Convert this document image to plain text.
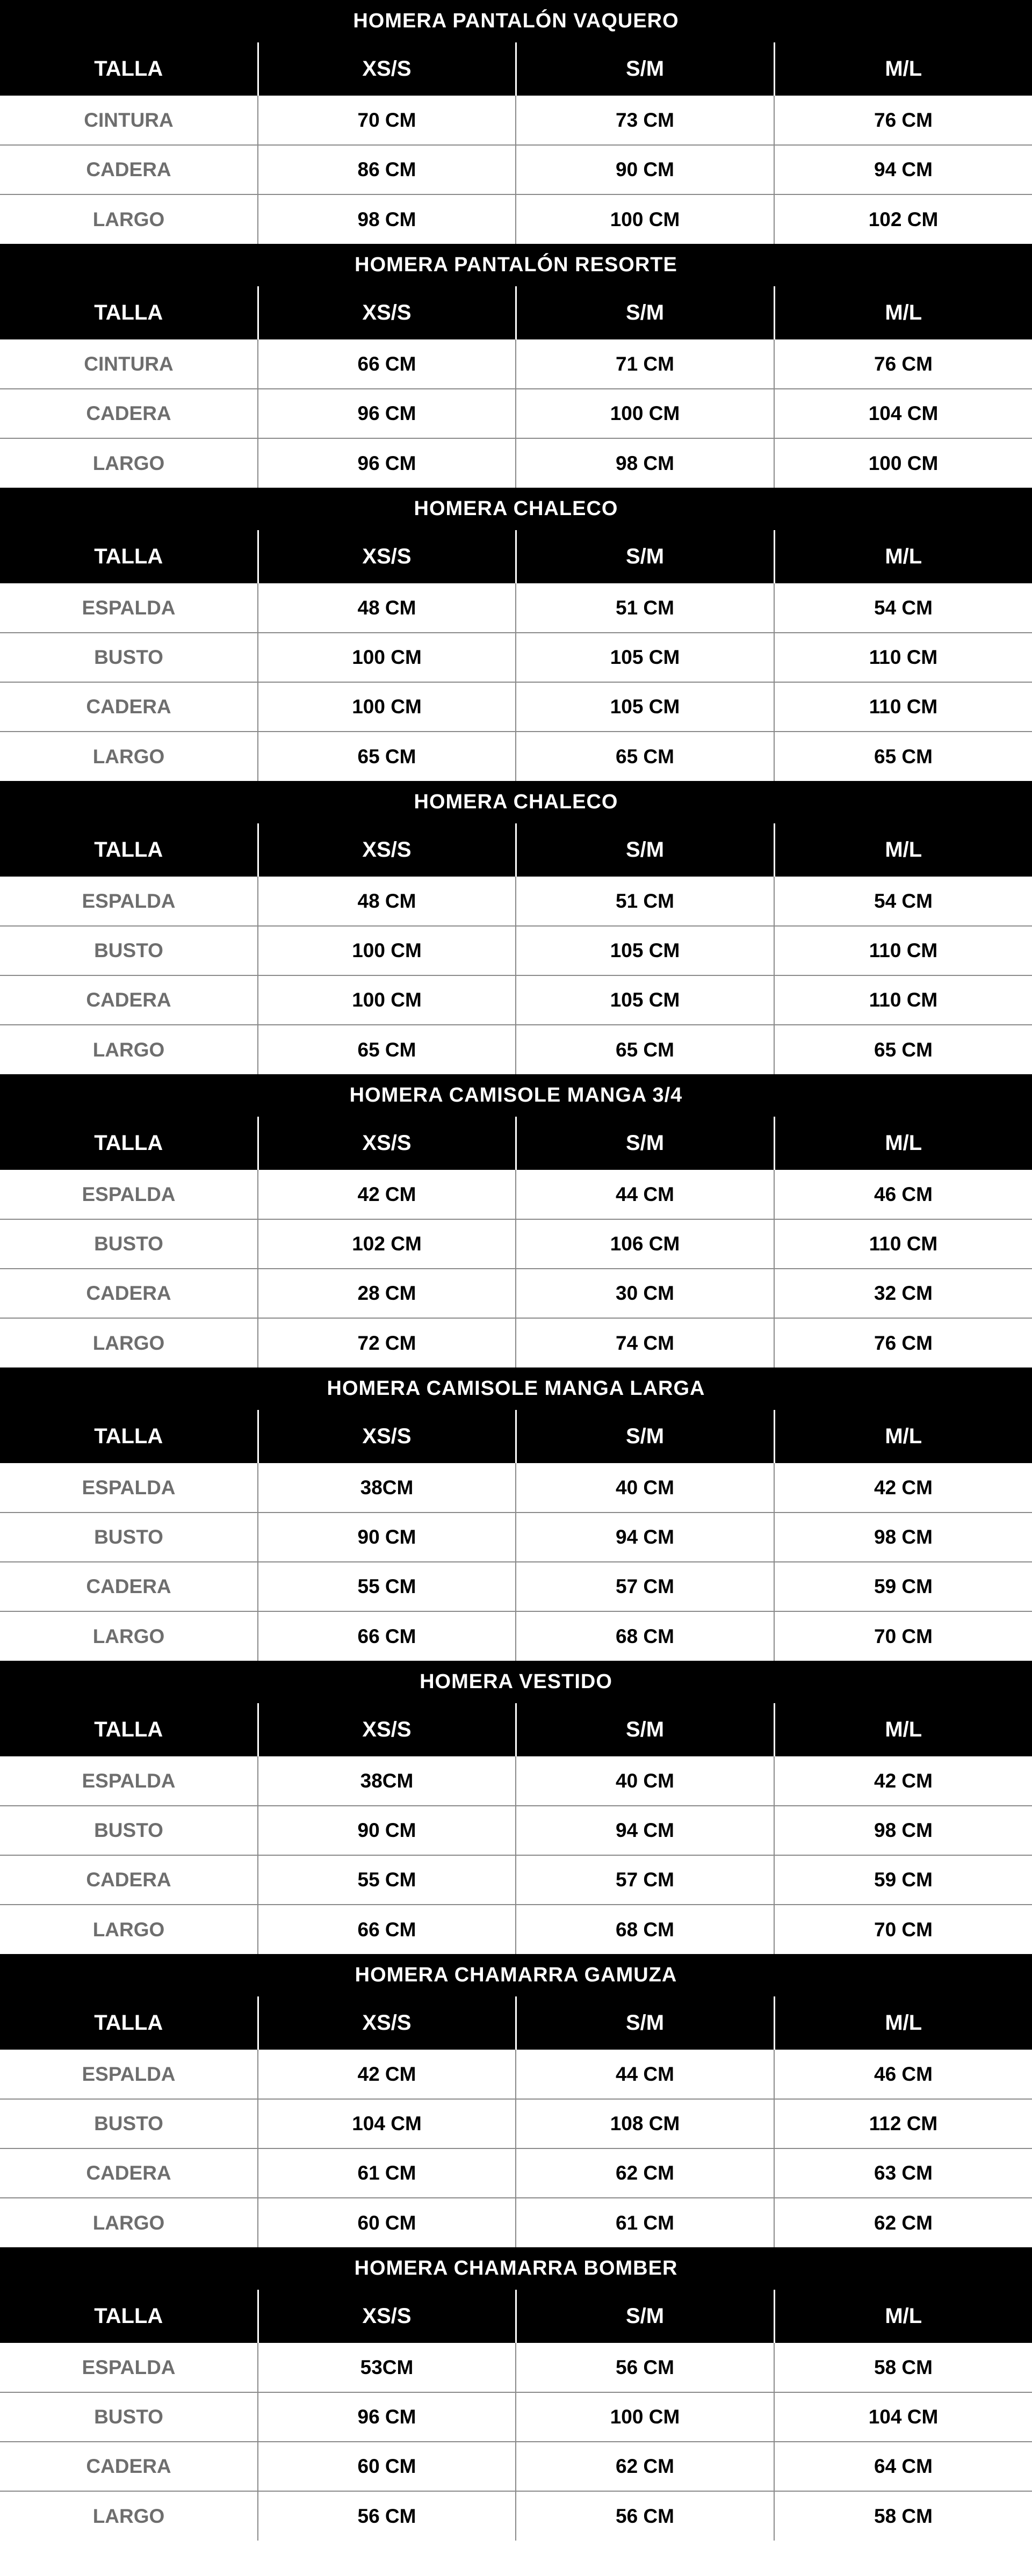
HOMERA PANTALÓN VAQUERO
TALLA	XS/S	S/M	M/L
CINTURA	70 CM	73 CM	76 CM
CADERA	86 CM	90 CM	94 CM
LARGO	98 CM	100 CM	102 CM
HOMERA PANTALÓN RESORTE
TALLA	XS/S	S/M	M/L
CINTURA	66 CM	71 CM	76 CM
CADERA	96 CM	100 CM	104 CM
LARGO	96 CM	98 CM	100 CM
HOMERA CHALECO
TALLA	XS/S	S/M	M/L
ESPALDA	48 CM	51 CM	54 CM
BUSTO	100 CM	105 CM	110 CM
CADERA	100 CM	105 CM	110 CM
LARGO	65 CM	65 CM	65 CM
HOMERA CHALECO
TALLA	XS/S	S/M	M/L
ESPALDA	48 CM	51 CM	54 CM
BUSTO	100 CM	105 CM	110 CM
CADERA	100 CM	105 CM	110 CM
LARGO	65 CM	65 CM	65 CM
HOMERA CAMISOLE MANGA 3/4
TALLA	XS/S	S/M	M/L
ESPALDA	42 CM	44 CM	46 CM
BUSTO	102 CM	106 CM	110 CM
CADERA	28 CM	30 CM	32 CM
LARGO	72 CM	74 CM	76 CM
HOMERA CAMISOLE MANGA LARGA
TALLA	XS/S	S/M	M/L
ESPALDA	38CM	40 CM	42 CM
BUSTO	90 CM	94 CM	98 CM
CADERA	55 CM	57 CM	59 CM
LARGO	66 CM	68 CM	70 CM
HOMERA VESTIDO
TALLA	XS/S	S/M	M/L
ESPALDA	38CM	40 CM	42 CM
BUSTO	90 CM	94 CM	98 CM
CADERA	55 CM	57 CM	59 CM
LARGO	66 CM	68 CM	70 CM
HOMERA CHAMARRA GAMUZA
TALLA	XS/S	S/M	M/L
ESPALDA	42 CM	44 CM	46 CM
BUSTO	104 CM	108 CM	112 CM
CADERA	61 CM	62 CM	63 CM
LARGO	60 CM	61 CM	62 CM
HOMERA CHAMARRA BOMBER
TALLA	XS/S	S/M	M/L
ESPALDA	53CM	56 CM	58 CM
BUSTO	96 CM	100 CM	104 CM
CADERA	60 CM	62 CM	64 CM
LARGO	56 CM	56 CM	58 CM
